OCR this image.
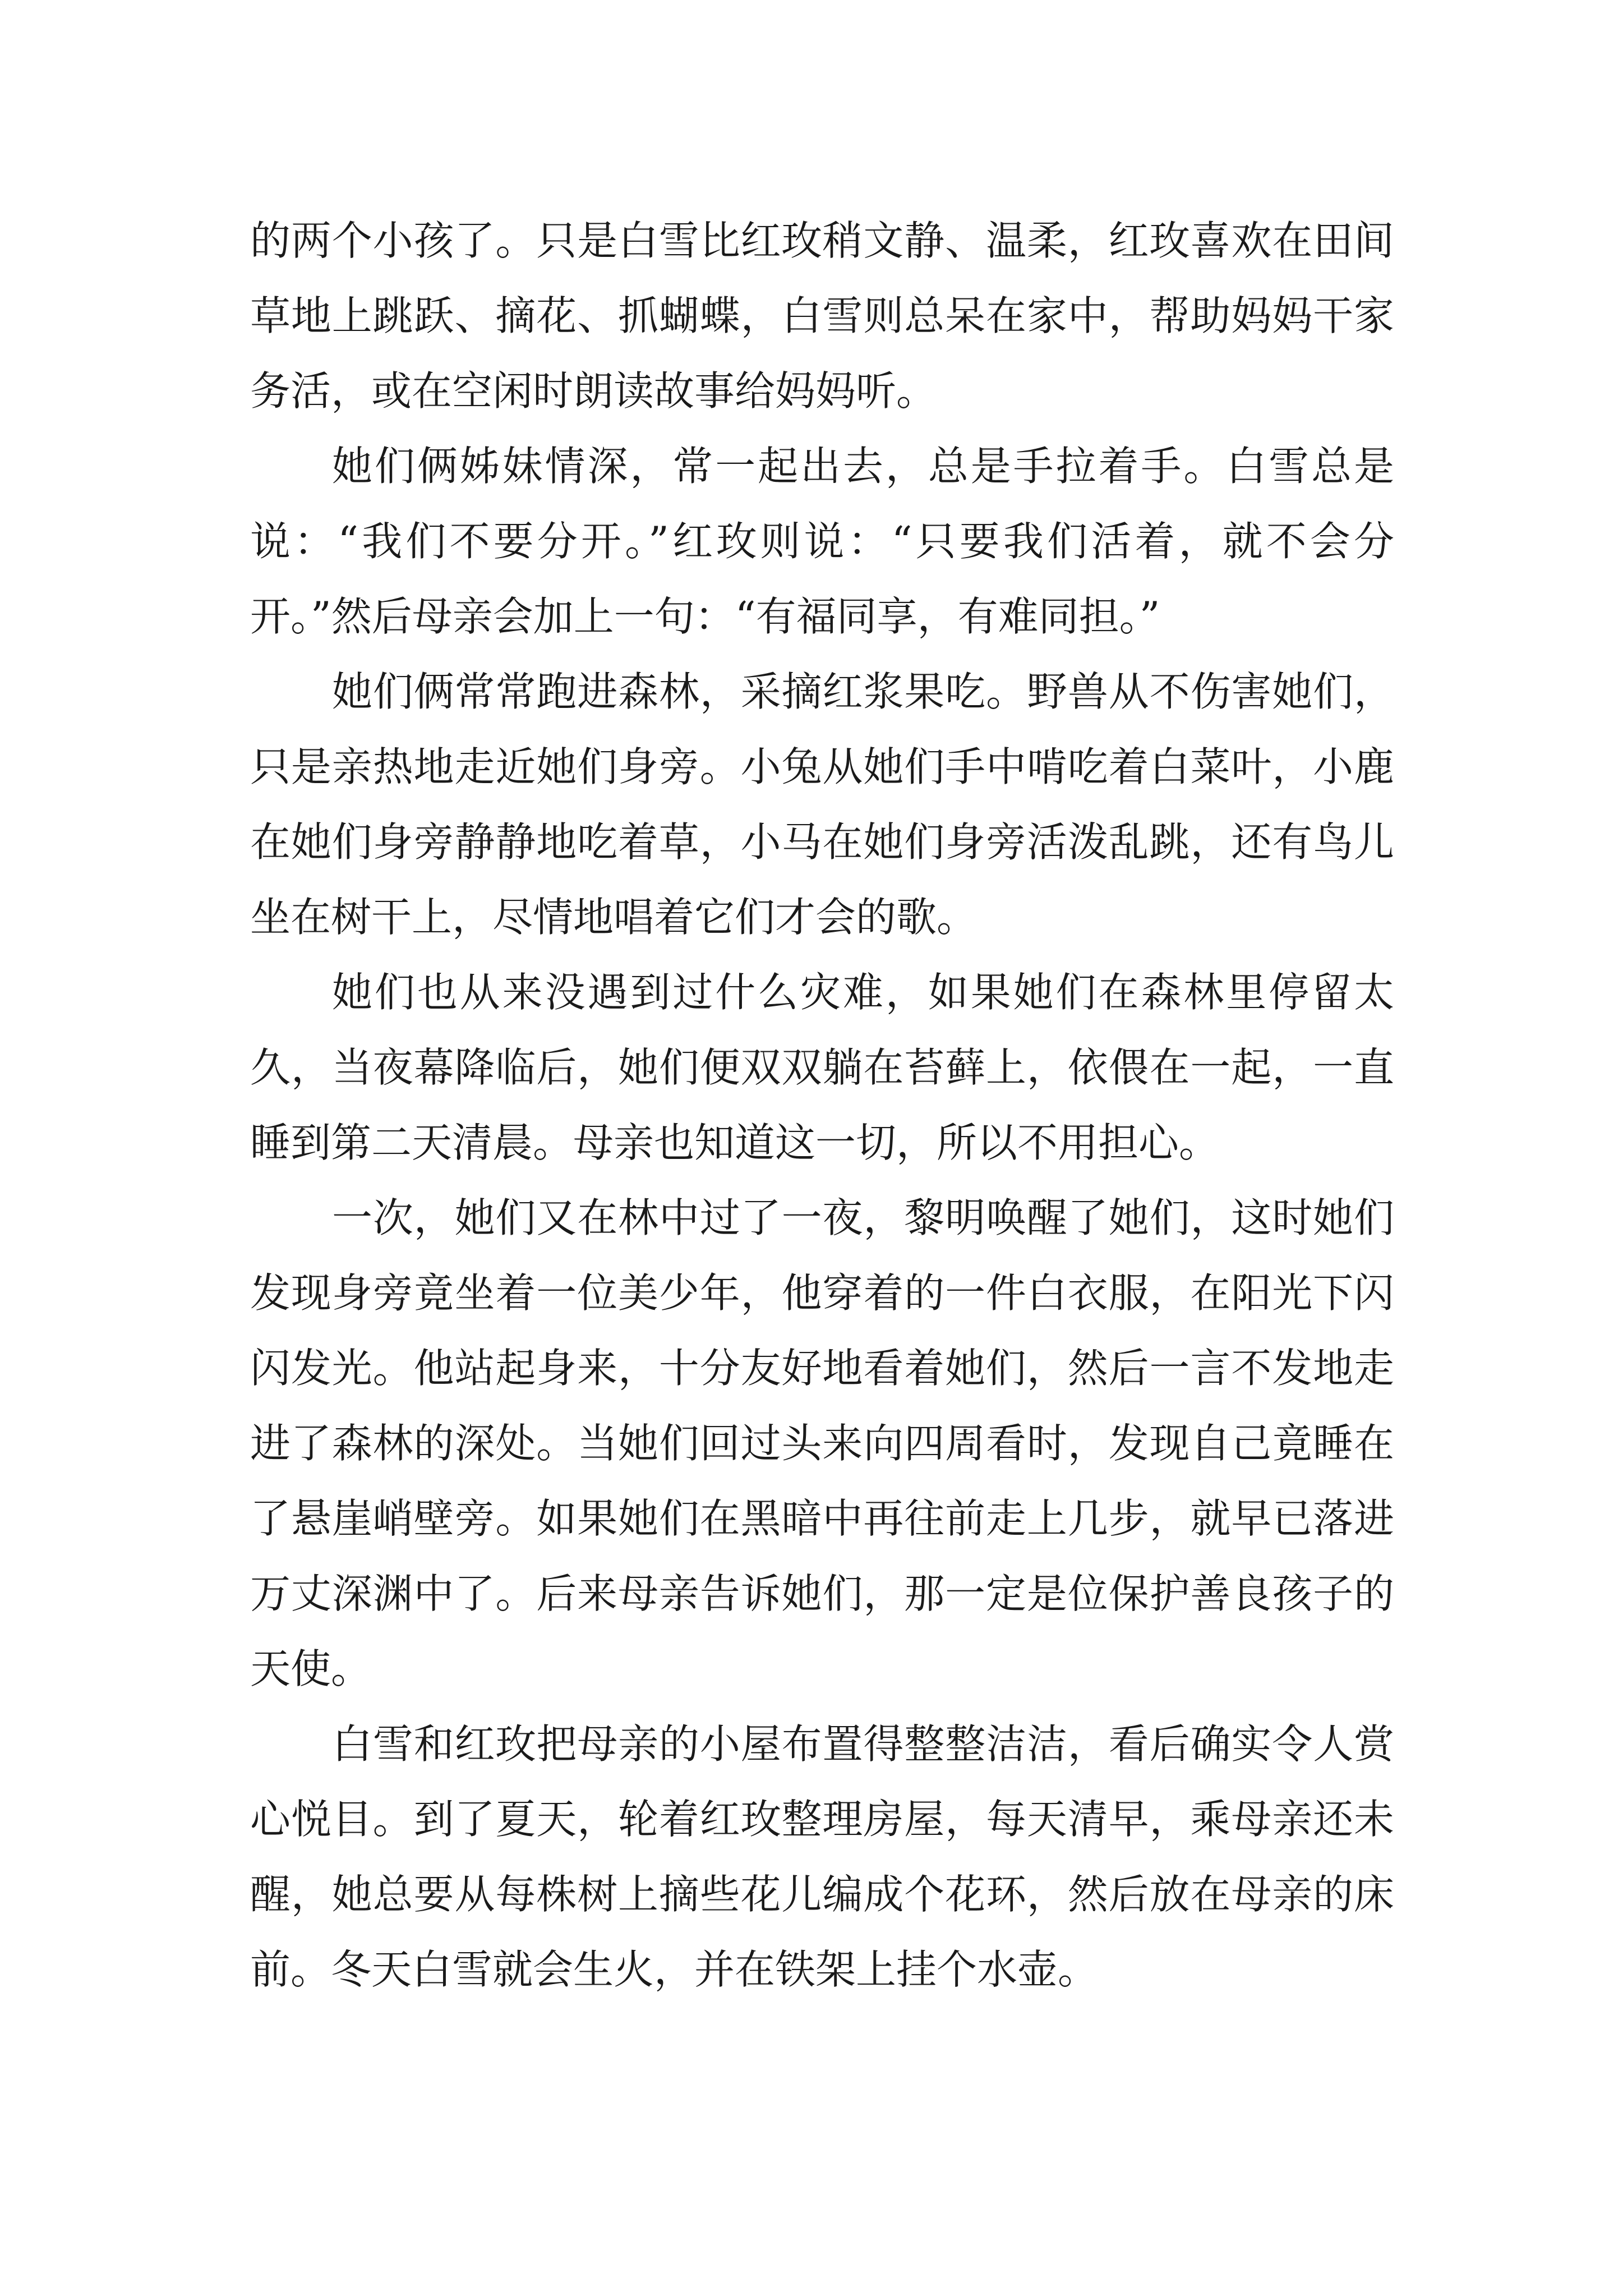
的两个小孩了。只是白雪比红玫稍文静、温柔，红玫喜欢在田间草地上跳跃、摘花、抓蝴蝶，白雪则总呆在家中，帮助妈妈干家务活，或在空闲时朗读故事给妈妈听。

她们俩姊妹情深，常一起出去，总是手拉着手。白雪总是说：“我们不要分开。”红玫则说：“只要我们活着，就不会分开。”然后母亲会加上一句：“有福同享，有难同担。”

她们俩常常跑进森林，采摘红浆果吃。野兽从不伤害她们，只是亲热地走近她们身旁。小兔从她们手中啃吃着白菜叶，小鹿在她们身旁静静地吃着草，小马在她们身旁活泼乱跳，还有鸟儿坐在树干上，尽情地唱着它们才会的歌。

她们也从来没遇到过什么灾难，如果她们在森林里停留太久，当夜幕降临后，她们便双双躺在苔藓上，依偎在一起，一直睡到第二天清晨。母亲也知道这一切，所以不用担心。

一次，她们又在林中过了一夜，黎明唤醒了她们，这时她们发现身旁竟坐着一位美少年，他穿着的一件白衣服，在阳光下闪闪发光。他站起身来，十分友好地看着她们，然后一言不发地走进了森林的深处。当她们回过头来向四周看时，发现自己竟睡在了悬崖峭壁旁。如果她们在黑暗中再往前走上几步，就早已落进万丈深渊中了。后来母亲告诉她们，那一定是位保护善良孩子的天使。

白雪和红玫把母亲的小屋布置得整整洁洁，看后确实令人赏心悦目。到了夏天，轮着红玫整理房屋，每天清早，乘母亲还未醒，她总要从每株树上摘些花儿编成个花环，然后放在母亲的床前。冬天白雪就会生火，并在铁架上挂个水壶。
